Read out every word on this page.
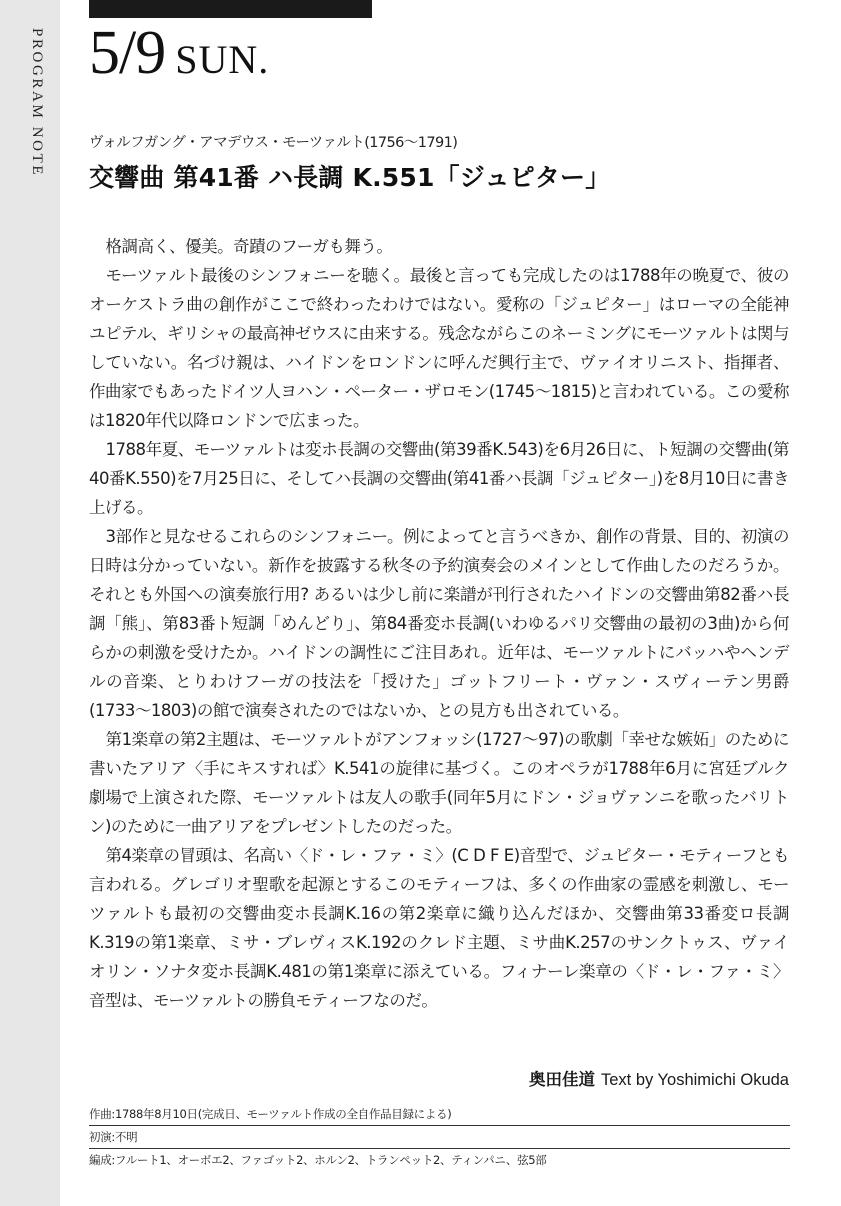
PROGRAM NOTE 5/9 SUN.
ヴォルフガング・アマデウス・モーツァルト(1756〜1791)
交響曲 第41番 ハ長調 K.551「ジュピター」

格調高く、優美。奇蹟のフーガも舞う。

モーツァルト最後のシンフォニーを聴く。最後と言っても完成したのは1788年の晩夏で、彼のオーケストラ曲の創作がここで終わったわけではない。愛称の「ジュピター」はローマの全能神ユピテル、ギリシャの最高神ゼウスに由来する。残念ながらこのネーミングにモーツァルトは関与していない。名づけ親は、ハイドンをロンドンに呼んだ興行主で、ヴァイオリニスト、指揮者、作曲家でもあったドイツ人ヨハン・ペーター・ザロモン(1745〜1815)と言われている。この愛称は1820年代以降ロンドンで広まった。

1788年夏、モーツァルトは変ホ長調の交響曲(第39番K.543)を6月26日に、ト短調の交響曲(第40番K.550)を7月25日に、そしてハ長調の交響曲(第41番ハ長調「ジュピター」)を8月10日に書き上げる。

3部作と見なせるこれらのシンフォニー。例によってと言うべきか、創作の背景、目的、初演の日時は分かっていない。新作を披露する秋冬の予約演奏会のメインとして作曲したのだろうか。それとも外国への演奏旅行用? あるいは少し前に楽譜が刊行されたハイドンの交響曲第82番ハ長調「熊」、第83番ト短調「めんどり」、第84番変ホ長調(いわゆるパリ交響曲の最初の3曲)から何らかの刺激を受けたか。ハイドンの調性にご注目あれ。近年は、モーツァルトにバッハやヘンデルの音楽、とりわけフーガの技法を「授けた」ゴットフリート・ヴァン・スヴィーテン男爵(1733〜1803)の館で演奏されたのではないか、との見方も出されている。

第1楽章の第2主題は、モーツァルトがアンフォッシ(1727〜97)の歌劇「幸せな嫉妬」のために書いたアリア〈手にキスすれば〉K.541の旋律に基づく。このオペラが1788年6月に宮廷ブルク劇場で上演された際、モーツァルトは友人の歌手(同年5月にドン・ジョヴァンニを歌ったバリトン)のために一曲アリアをプレゼントしたのだった。

第4楽章の冒頭は、名高い〈ド・レ・ファ・ミ〉(C D F E)音型で、ジュピター・モティーフとも言われる。グレゴリオ聖歌を起源とするこのモティーフは、多くの作曲家の霊感を刺激し、モーツァルトも最初の交響曲変ホ長調K.16の第2楽章に織り込んだほか、交響曲第33番変ロ長調K.319の第1楽章、ミサ・ブレヴィスK.192のクレド主題、ミサ曲K.257のサンクトゥス、ヴァイオリン・ソナタ変ホ長調K.481の第1楽章に添えている。フィナーレ楽章の〈ド・レ・ファ・ミ〉音型は、モーツァルトの勝負モティーフなのだ。

奥田佳道 Text by Yoshimichi Okuda
作曲:1788年8月10日(完成日、モーツァルト作成の全自作品目録による)
初演:不明
編成:フルート1、オーボエ2、ファゴット2、ホルン2、トランペット2、ティンパニ、弦5部
